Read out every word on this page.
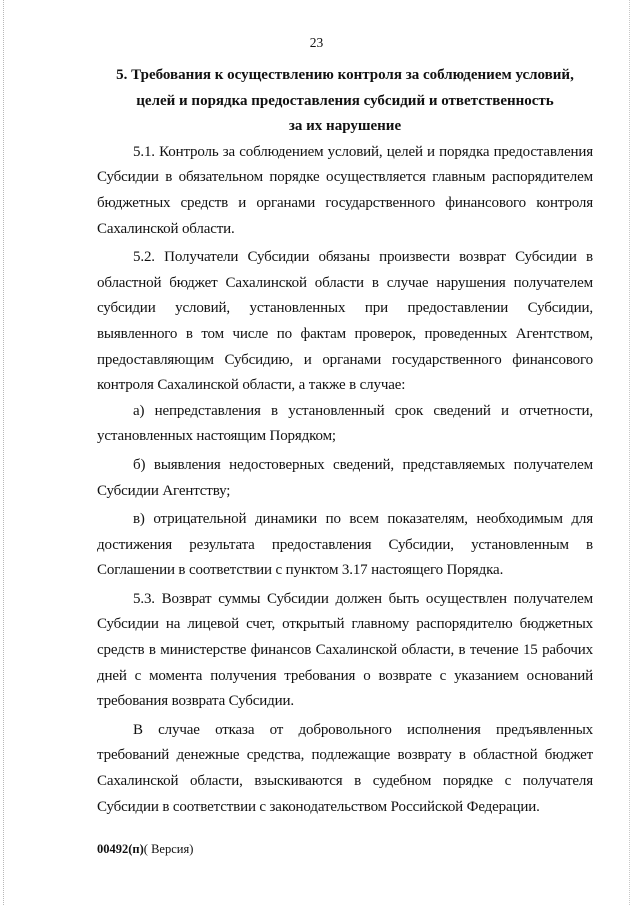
23
5. Требования к осуществлению контроля за соблюдением условий,
целей и порядка предоставления субсидий и ответственность
за их нарушение

5.1. Контроль за соблюдением условий, целей и порядка предоставления Субсидии в обязательном порядке осуществляется главным распорядителем бюджетных средств и органами государственного финансового контроля Сахалинской области.

5.2. Получатели Субсидии обязаны произвести возврат Субсидии в областной бюджет Сахалинской области в случае нарушения получателем субсидии условий, установленных при предоставлении Субсидии, выявленного в том числе по фактам проверок, проведенных Агентством, предоставляющим Субсидию, и органами государственного финансового контроля Сахалинской области, а также в случае:

а) непредставления в установленный срок сведений и отчетности, установленных настоящим Порядком;

б) выявления недостоверных сведений, представляемых получателем Субсидии Агентству;

в) отрицательной динамики по всем показателям, необходимым для достижения результата предоставления Субсидии, установленным в Соглашении в соответствии с пунктом 3.17 настоящего Порядка.

5.3. Возврат суммы Субсидии должен быть осуществлен получателем Субсидии на лицевой счет, открытый главному распорядителю бюджетных средств в министерстве финансов Сахалинской области, в течение 15 рабочих дней с момента получения требования о возврате с указанием оснований требования возврата Субсидии.

В случае отказа от добровольного исполнения предъявленных требований денежные средства, подлежащие возврату в областной бюджет Сахалинской области, взыскиваются в судебном порядке с получателя Субсидии в соответствии с законодательством Российской Федерации.

00492(п)( Версия)
